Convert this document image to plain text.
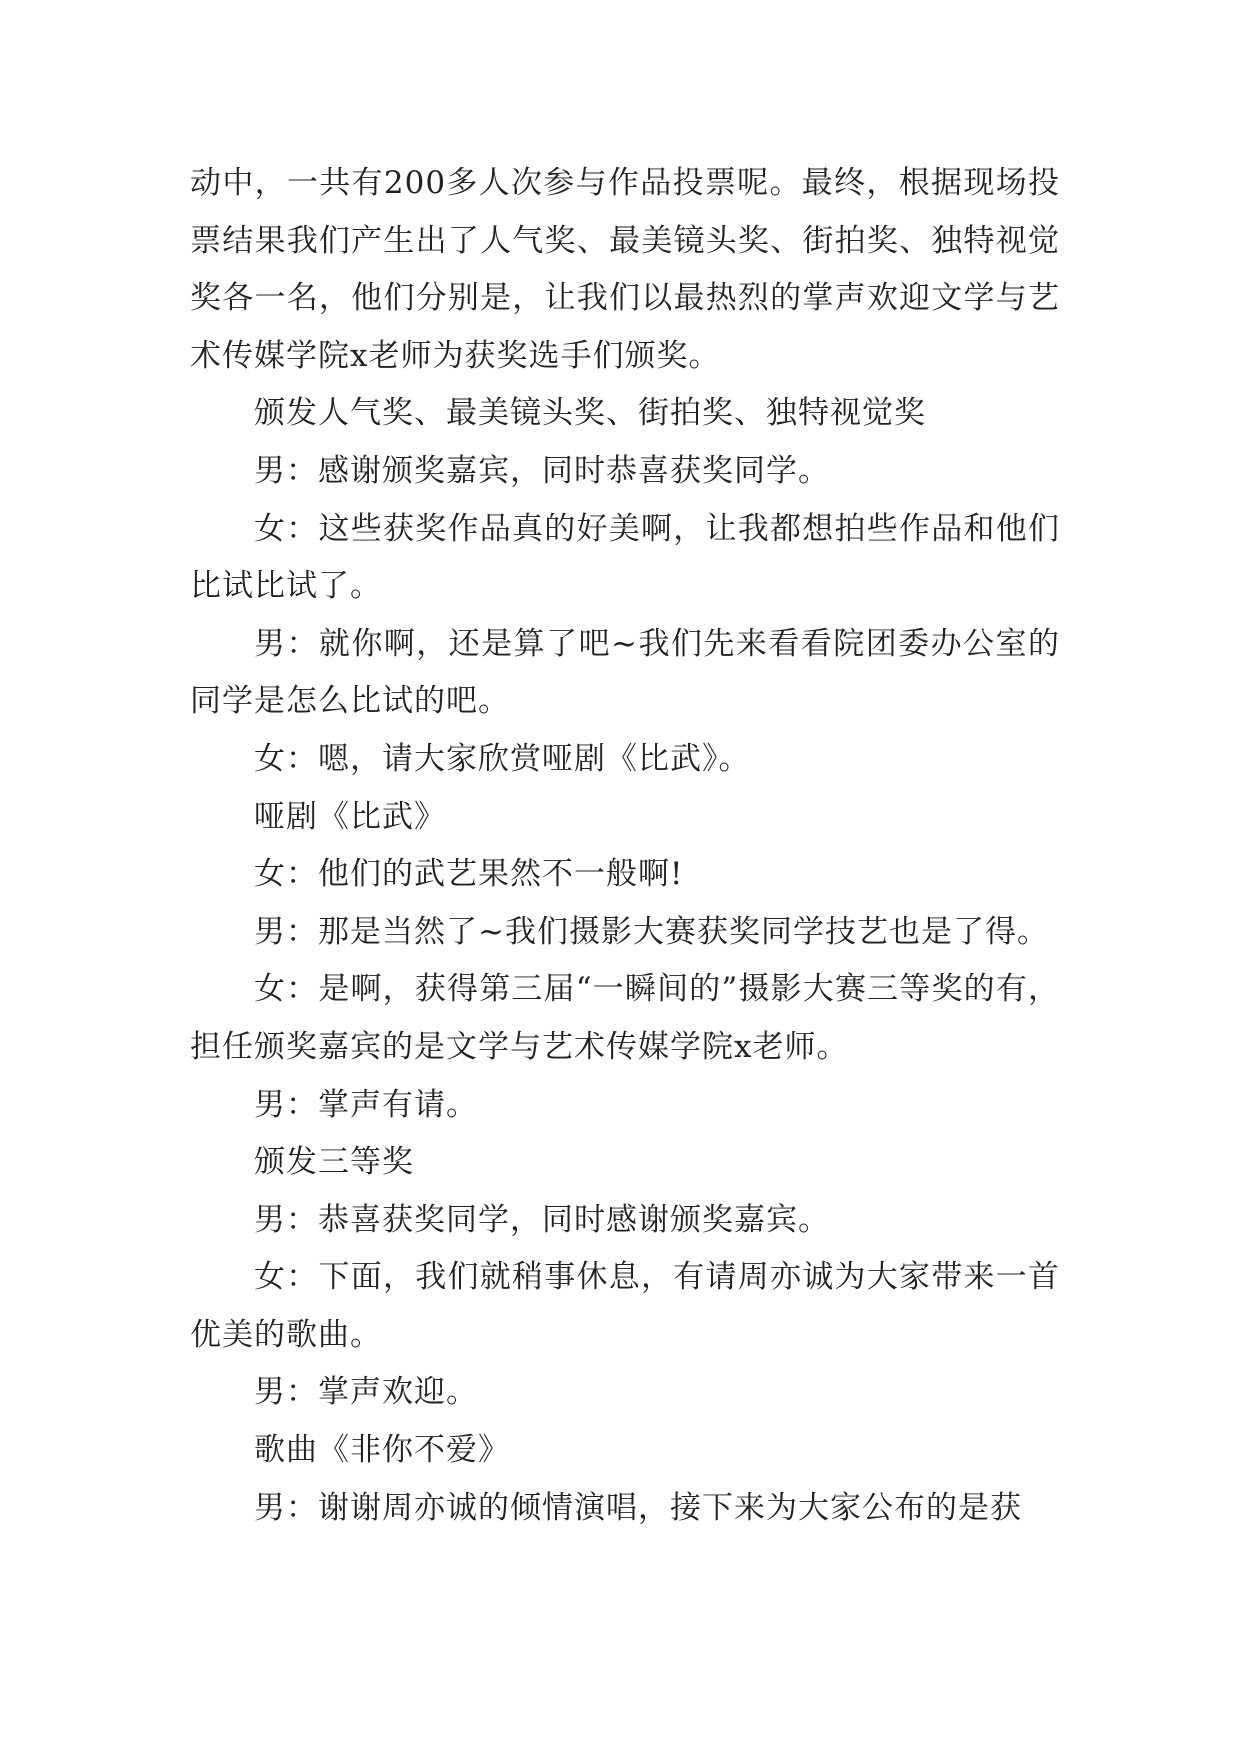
动中，一共有200多人次参与作品投票呢。最终，根据现场投票结果我们产生出了人气奖、最美镜头奖、街拍奖、独特视觉奖各一名，他们分别是，让我们以最热烈的掌声欢迎文学与艺术传媒学院x老师为获奖选手们颁奖。

颁发人气奖、最美镜头奖、街拍奖、独特视觉奖

男：感谢颁奖嘉宾，同时恭喜获奖同学。

女：这些获奖作品真的好美啊，让我都想拍些作品和他们比试比试了。

男：就你啊，还是算了吧~我们先来看看院团委办公室的同学是怎么比试的吧。

女：嗯，请大家欣赏哑剧《比武》。

哑剧《比武》

女：他们的武艺果然不一般啊!

男：那是当然了~我们摄影大赛获奖同学技艺也是了得。

女：是啊，获得第三届“一瞬间的”摄影大赛三等奖的有，担任颁奖嘉宾的是文学与艺术传媒学院x老师。

男：掌声有请。

颁发三等奖

男：恭喜获奖同学，同时感谢颁奖嘉宾。

女：下面，我们就稍事休息，有请周亦诚为大家带来一首优美的歌曲。

男：掌声欢迎。

歌曲《非你不爱》

男：谢谢周亦诚的倾情演唱，接下来为大家公布的是获
